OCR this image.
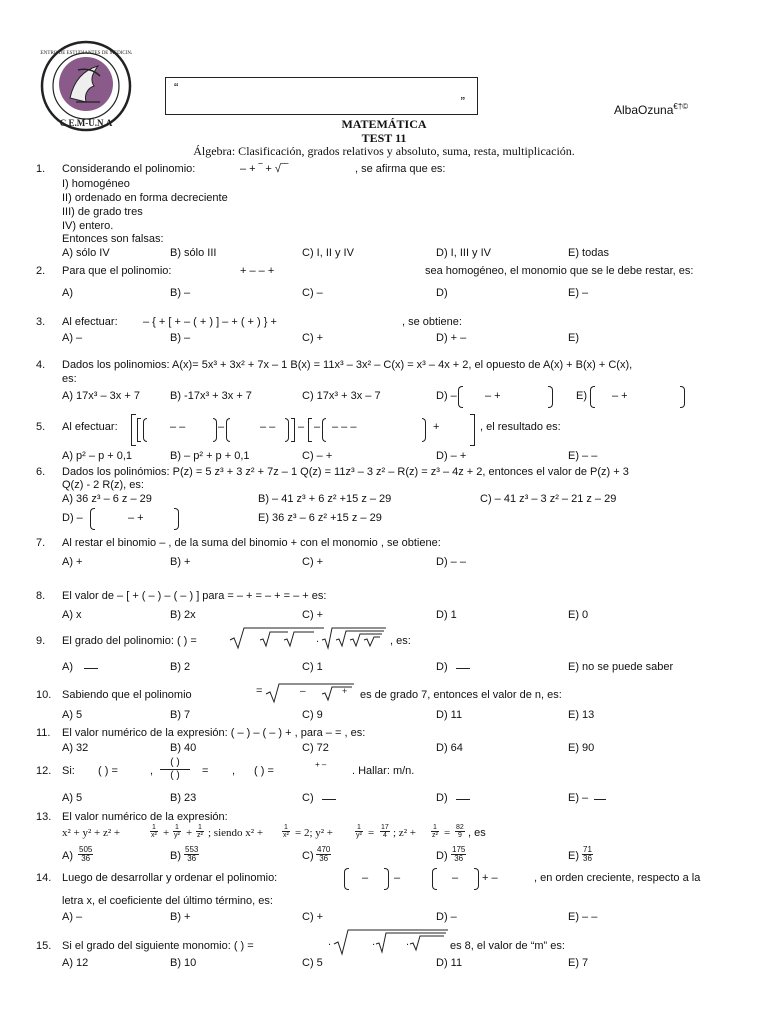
CENTRO DE ESTUDIANTES DE MEDICINA
C.E.M-U.N.A
“
”
AlbaOzuna€†©
MATEMÁTICA
TEST 11
Álgebra: Clasificación, grados relativos y absoluto, suma, resta, multiplicación.
1. Considerando el polinomio:	– + ‾ + √‾‾	, se afirma que es:
I) homogéneo
II) ordenado en forma decreciente
III) de grado tres
IV) entero.
Entonces son falsas:
A) sólo IV	B) sólo III	C) I, II y IV	D) I, III y IV	E) todas
2. Para que el polinomio:	+ – – +	sea homogéneo, el monomio que se le debe restar, es:
A)	B) –	C) –	D)	E) –
3. Al efectuar: – { + [ + – ( + ) ] – + ( + ) } +	, se obtiene:
A) –	B) –	C) +	D) + –	E)
4. Dados los polinomios: A(x)= 5x³ + 3x² + 7x – 1 B(x) = 11x³ – 3x² – C(x) = x³ – 4x + 2, el opuesto de A(x) + B(x) + C(x),
es:
A) 17x³ – 3x + 7	B) -17x³ + 3x + 7	C) 17x³ + 3x – 7	D) –	– +	E) – +
5. Al efectuar:	– –	–	– – – – – – –	+	, el resultado es:
A) p² – p + 0,1	B) – p² + p + 0,1	C) – +	D) – +	E) – –
6. Dados los polinómios: P(z) = 5 z³ + 3 z² + 7z – 1 Q(z) = 11z³ – 3 z² – R(z) = z³ – 4z + 2, entonces el valor de P(z) + 3
Q(z) - 2 R(z), es:
A) 36 z³ – 6 z – 29	B) – 41 z³ + 6 z² +15 z – 29	C) – 41 z³ – 3 z² – 21 z – 29
D) –	– +	E) 36 z³ – 6 z² +15 z – 29
7. Al restar el binomio – , de la suma del binomio + con el monomio , se obtiene:
A) +	B) +	C) +	D) – –
8. El valor de – [ + ( – ) – ( – ) ] para = – + = – + = – + es:
A) x	B) 2x	C) +	D) 1	E) 0
9. El grado del polinomio: ( ) =	.	, es:
A)	B) 2	C) 1	D)	E) no se puede saber
10. Sabiendo que el polinomio	=	–	+ es de grado 7, entonces el valor de n, es:
A) 5	B) 7	C) 9	D) 11	E) 13
11. El valor numérico de la expresión: ( – ) – ( – ) + , para – = , es:
A) 32	B) 40	C) 72	D) 64	E) 90
12. Si: ( ) =	,
( )
( )	= , ( ) =
+ –
. Hallar: m/n.
A) 5	B) 23	C)	D)	E) –
13. El valor numérico de la expresión:
x² + y² + z² +	$\frac{1}{\text{x²}} + \frac{1}{\text{y²}} + \frac{1}{\text{z²}}$ ; siendo x² +	$\frac{1}{\text{x²}} = 2$; y² +	$\frac{1}{\text{y²}} = \frac{17}{4}$ ; $z^2 + \frac{1}{\text{z²}} = \frac{82}{9}$ , es
$A) \frac{505}{36}$	$B) \frac{553}{36}$	$C) \frac{470}{36}$	$D) \frac{175}{36}$	$E) \frac{71}{36}$
14. Luego de desarrollar y ordenar el polinomio:	– –	– + –	, en orden creciente, respecto a la
letra x, el coeficiente del último término, es:
A) –	B) +	C) +	D) –	E) – –
15. Si el grado del siguiente monomio: ( ) =	.	.	.	es 8, el valor de “m” es:
A) 12	B) 10	C) 5	D) 11	E) 7
